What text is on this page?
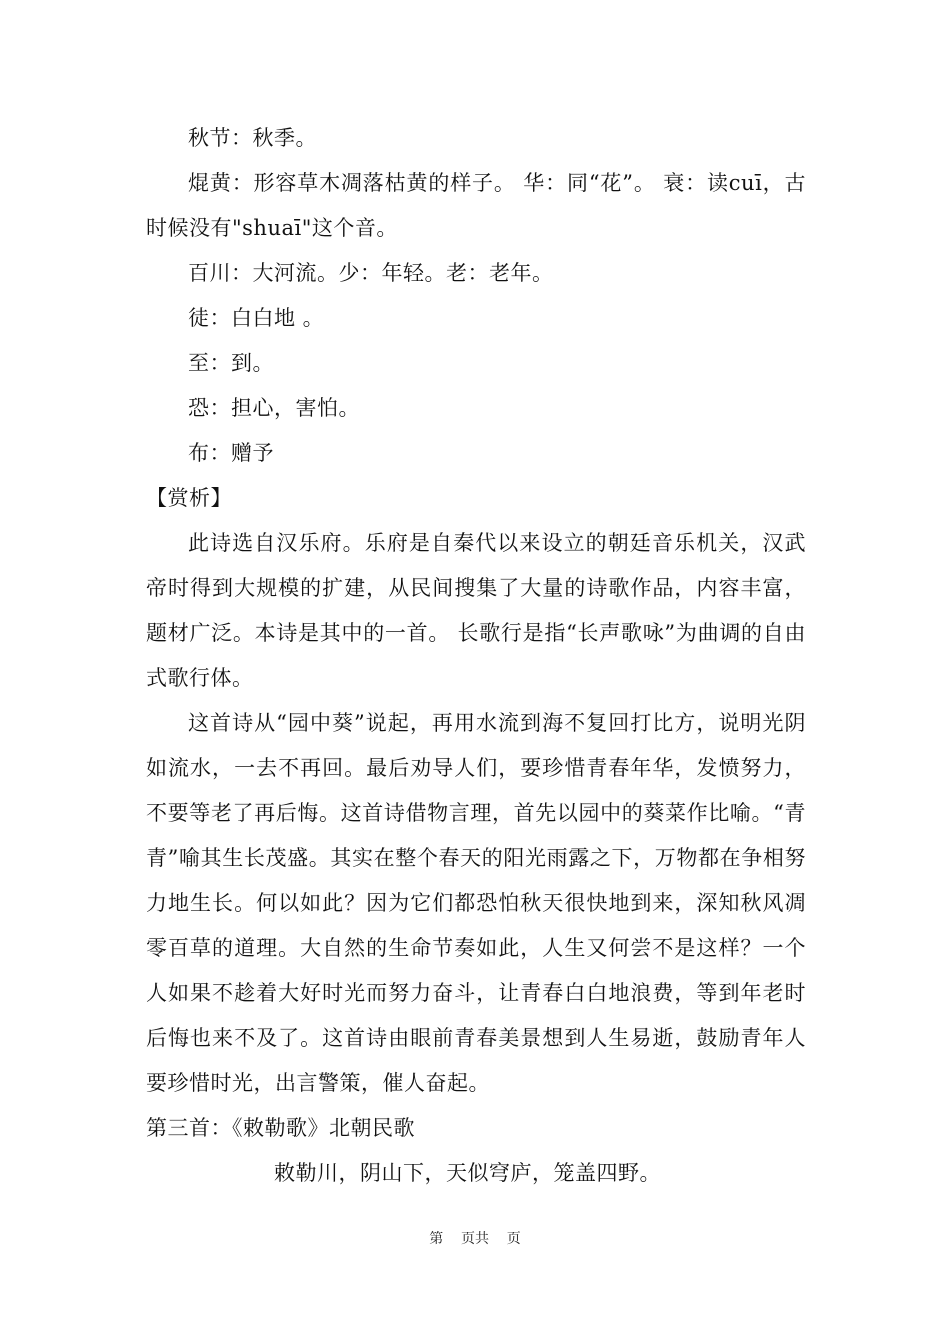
秋节：秋季。

焜黄：形容草木凋落枯黄的样子。 华：同“花”。 衰：读cuī，古时候没有"shuaī"这个音。

百川：大河流。少：年轻。老：老年。

徒：白白地 。

至：到。

恐：担心，害怕。

布：赠予

【赏析】

此诗选自汉乐府。乐府是自秦代以来设立的朝廷音乐机关，汉武帝时得到大规模的扩建，从民间搜集了大量的诗歌作品，内容丰富，题材广泛。本诗是其中的一首。 长歌行是指“长声歌咏”为曲调的自由式歌行体。

这首诗从“园中葵”说起，再用水流到海不复回打比方，说明光阴如流水，一去不再回。最后劝导人们，要珍惜青春年华，发愤努力，不要等老了再后悔。这首诗借物言理，首先以园中的葵菜作比喻。“青青”喻其生长茂盛。其实在整个春天的阳光雨露之下，万物都在争相努力地生长。何以如此？因为它们都恐怕秋天很快地到来，深知秋风凋零百草的道理。大自然的生命节奏如此，人生又何尝不是这样？一个人如果不趁着大好时光而努力奋斗，让青春白白地浪费，等到年老时后悔也来不及了。这首诗由眼前青春美景想到人生易逝，鼓励青年人要珍惜时光，出言警策，催人奋起。

第三首：《敕勒歌》北朝民歌

敕勒川，阴山下，天似穹庐，笼盖四野。

第    页共    页
